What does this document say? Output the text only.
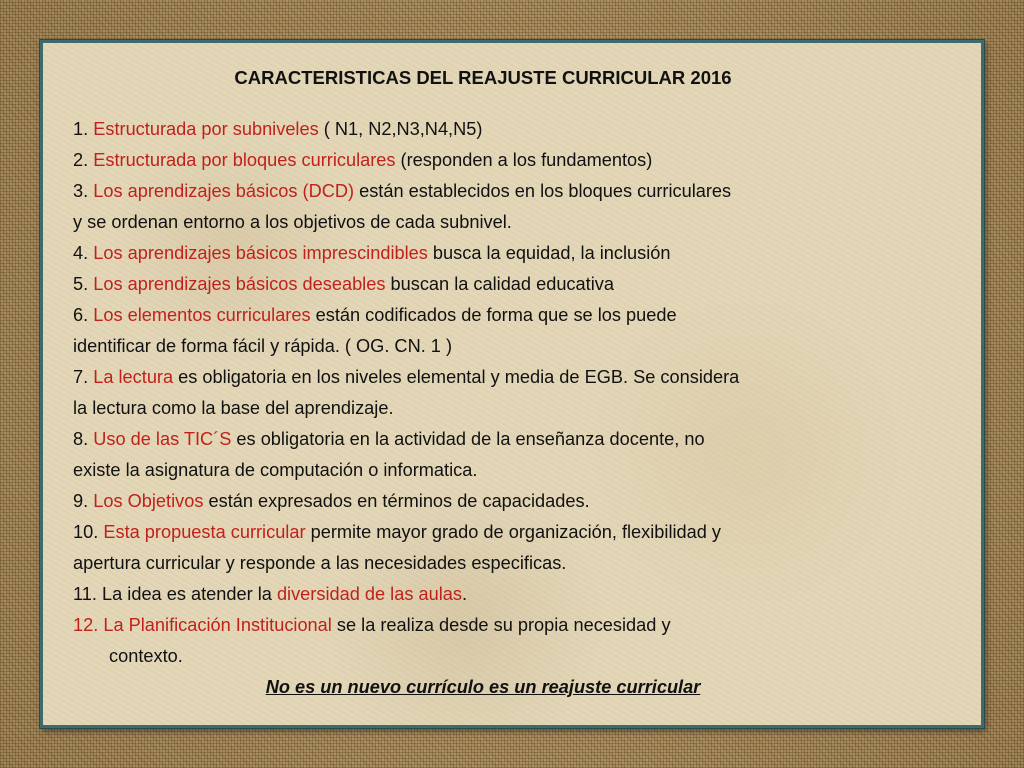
CARACTERISTICAS DEL REAJUSTE CURRICULAR 2016

1. Estructurada por subniveles ( N1, N2,N3,N4,N5)

2. Estructurada por bloques curriculares (responden a los fundamentos)

3. Los aprendizajes básicos (DCD) están establecidos en los bloques curriculares

y se ordenan entorno a los objetivos de cada subnivel.

4. Los aprendizajes básicos imprescindibles busca la equidad, la inclusión

5. Los aprendizajes básicos deseables buscan la calidad educativa

6. Los elementos curriculares están codificados de forma que se los puede

identificar de forma fácil y rápida. ( OG. CN. 1 )

7. La lectura es obligatoria en los niveles elemental y media de EGB. Se considera

la lectura como la base del aprendizaje.

8. Uso de las TIC´S es obligatoria en la actividad de la enseñanza docente, no

existe la asignatura de computación o informatica.

9. Los Objetivos están expresados en términos de capacidades.

10. Esta propuesta curricular permite mayor grado de organización, flexibilidad y

apertura curricular y responde a las necesidades especificas.

11. La idea es atender la diversidad de las aulas.

12. La Planificación Institucional se la realiza desde su propia necesidad y

contexto.

No es un nuevo currículo es un reajuste curricular
